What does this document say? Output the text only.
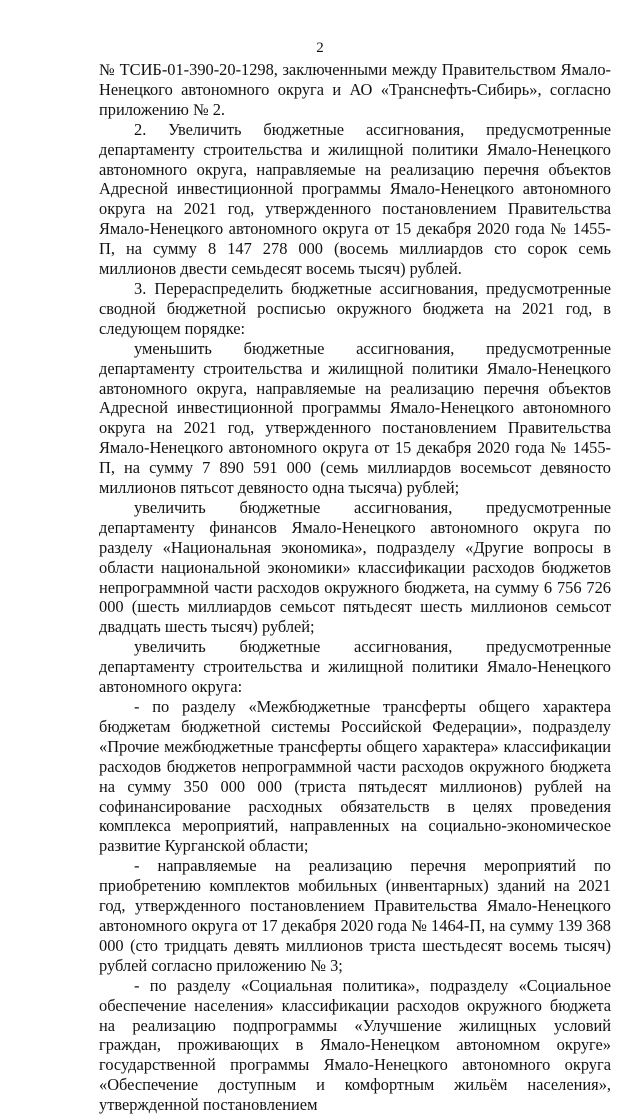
2

№ ТСИБ-01-390-20-1298, заключенными между Правительством Ямало-Ненецкого автономного округа и АО «Транснефть-Сибирь», согласно приложению № 2.

2. Увеличить бюджетные ассигнования, предусмотренные департаменту строительства и жилищной политики Ямало-Ненецкого автономного округа, направляемые на реализацию перечня объектов Адресной инвестиционной программы Ямало-Ненецкого автономного округа на 2021 год, утвержденного постановлением Правительства Ямало-Ненецкого автономного округа от 15 декабря 2020 года № 1455-П, на сумму 8 147 278 000 (восемь миллиардов сто сорок семь миллионов двести семьдесят восемь тысяч) рублей.

3. Перераспределить бюджетные ассигнования, предусмотренные сводной бюджетной росписью окружного бюджета на 2021 год, в следующем порядке:

уменьшить бюджетные ассигнования, предусмотренные департаменту строительства и жилищной политики Ямало-Ненецкого автономного округа, направляемые на реализацию перечня объектов Адресной инвестиционной программы Ямало-Ненецкого автономного округа на 2021 год, утвержденного постановлением Правительства Ямало-Ненецкого автономного округа от 15 декабря 2020 года № 1455-П, на сумму 7 890 591 000 (семь миллиардов восемьсот девяносто миллионов пятьсот девяносто одна тысяча) рублей;

увеличить бюджетные ассигнования, предусмотренные департаменту финансов Ямало-Ненецкого автономного округа по разделу «Национальная экономика», подразделу «Другие вопросы в области национальной экономики» классификации расходов бюджетов непрограммной части расходов окружного бюджета, на сумму 6 756 726 000 (шесть миллиардов семьсот пятьдесят шесть миллионов семьсот двадцать шесть тысяч) рублей;

увеличить бюджетные ассигнования, предусмотренные департаменту строительства и жилищной политики Ямало-Ненецкого автономного округа:

- по разделу «Межбюджетные трансферты общего характера бюджетам бюджетной системы Российской Федерации», подразделу «Прочие межбюджетные трансферты общего характера» классификации расходов бюджетов непрограммной части расходов окружного бюджета на сумму 350 000 000 (триста пятьдесят миллионов) рублей на софинансирование расходных обязательств в целях проведения комплекса мероприятий, направленных на социально-экономическое развитие Курганской области;

- направляемые на реализацию перечня мероприятий по приобретению комплектов мобильных (инвентарных) зданий на 2021 год, утвержденного постановлением Правительства Ямало-Ненецкого автономного округа от 17 декабря 2020 года № 1464-П, на сумму 139 368 000 (сто тридцать девять миллионов триста шестьдесят восемь тысяч) рублей согласно приложению № 3;

- по разделу «Социальная политика», подразделу «Социальное обеспечение населения» классификации расходов окружного бюджета на реализацию подпрограммы «Улучшение жилищных условий граждан, проживающих в Ямало-Ненецком автономном округе» государственной программы Ямало-Ненецкого автономного округа «Обеспечение доступным и комфортным жильём населения», утвержденной постановлением
